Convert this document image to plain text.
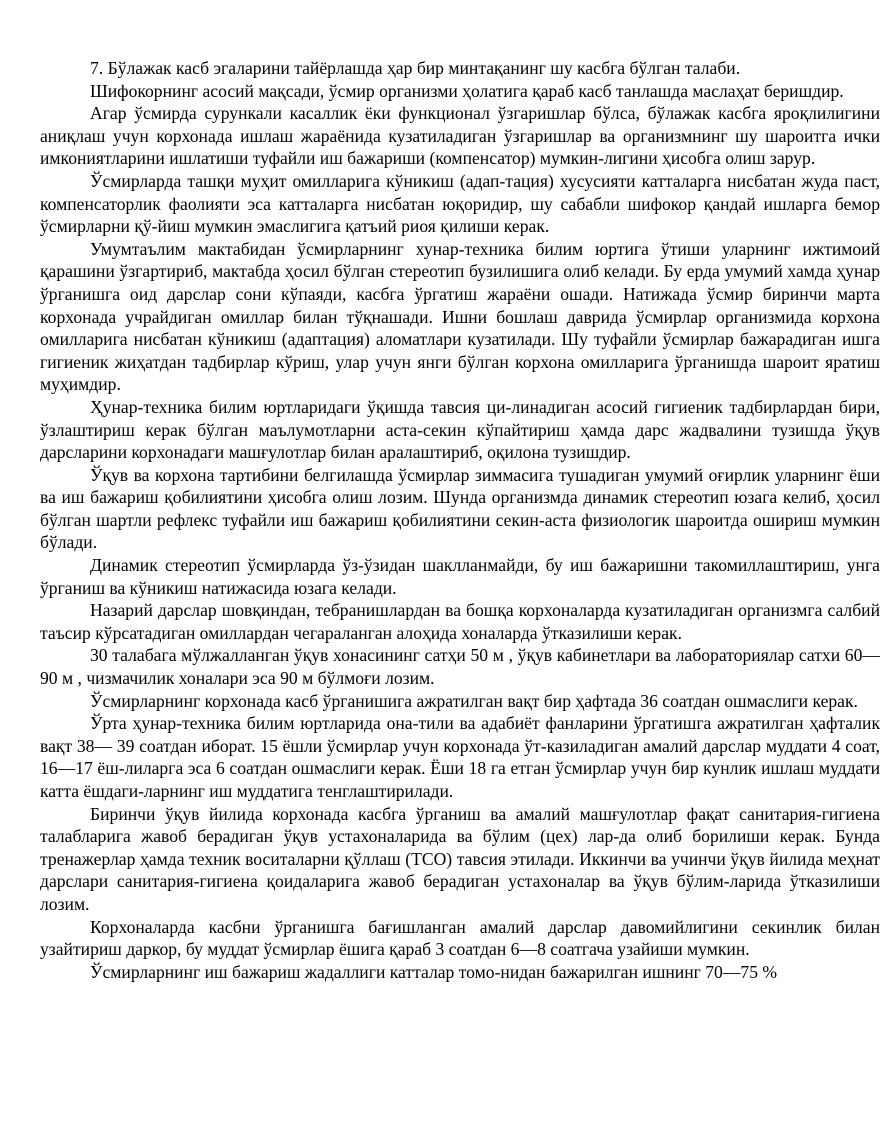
7. Бўлажак касб эгаларини тайёрлашда ҳар бир минтақанинг шу касбга бўлган талаби.

Шифокорнинг асосий мақсади, ўсмир организми ҳолатига қараб касб танлашда маслаҳат беришдир.

Агар ўсмирда сурункали касаллик ёки функционал ўзгаришлар бўлса, бўлажак касбга яроқлилигини аниқлаш учун корхонада ишлаш жараёнида кузатиладиган ўзгаришлар ва организмнинг шу шароитга ички имкониятларини ишлатиши туфайли иш бажариши (компенсатор) мумкин-лигини ҳисобга олиш зарур.

Ўсмирларда ташқи муҳит омилларига кўникиш (адап-тация) хусусияти катталарга нисбатан жуда паст, компенсаторлик фаолияти эса катталарга нисбатан юқоридир, шу сабабли шифокор қандай ишларга бемор ўсмирларни қў-йиш мумкин эмаслигига қатъий риоя қилиши керак.

Умумтаълим мактабидан ўсмирларнинг хунар-техника билим юртига ўтиши уларнинг ижтимоий қарашини ўзгартириб, мактабда ҳосил бўлган стереотип бузилишига олиб келади. Бу ерда умумий хамда ҳунар ўрганишга оид дарслар сони кўпаяди, касбга ўргатиш жараёни ошади. Натижада ўсмир биринчи марта корхонада учрайдиган омиллар билан тўқнашади. Ишни бошлаш даврида ўсмирлар организмида корхона омилларига нисбатан кўникиш (адаптация) аломатлари кузатилади. Шу туфайли ўсмирлар бажарадиган ишга гигиеник жиҳатдан тадбирлар кўриш, улар учун янги бўлган корхона омилларига ўрганишда шароит яратиш муҳимдир.

Ҳунар-техника билим юртларидаги ўқишда тавсия ци-линадиган асосий гигиеник тадбирлардан бири, ўзлаштириш керак бўлган маълумотларни аста-секин кўпайтириш ҳамда дарс жадвалини тузишда ўқув дарсларини корхонадаги машғулотлар билан аралаштириб, оқилона тузишдир.

Ўқув ва корхона тартибини белгилашда ўсмирлар зиммасига тушадиган умумий оғирлик уларнинг ёши ва иш бажариш қобилиятини ҳисобга олиш лозим. Шунда организмда динамик стереотип юзага келиб, ҳосил бўлган шартли рефлекс туфайли иш бажариш қобилиятини секин-аста физиологик шароитда ошириш мумкин бўлади.

Динамик стереотип ўсмирларда ўз-ўзидан шаклланмайди, бу иш бажаришни такомиллаштириш, унга ўрганиш ва кўникиш натижасида юзага келади.

Назарий дарслар шовқиндан, тебранишлардан ва бошқа корхоналарда кузатиладиган организмга салбий таъсир кўрсатадиган омиллардан чегараланган алоҳида хоналарда ўтказилиши керак.

30 талабага мўлжалланган ўқув хонасининг сатҳи 50 м , ўқув кабинетлари ва лабораториялар сатхи 60—90 м , чизмачилик хоналари эса 90 м бўлмоғи лозим.

Ўсмирларнинг корхонада касб ўрганишига ажратилган вақт бир ҳафтада 36 соатдан ошмаслиги керак.

Ўрта ҳунар-техника билим юртларида она-тили ва адабиёт фанларини ўргатишга ажратилган ҳафталик вақт 38— 39 соатдан иборат. 15 ёшли ўсмирлар учун корхонада ўт-казиладиган амалий дарслар муддати 4 соат, 16—17 ёш-лиларга эса 6 соатдан ошмаслиги керак. Ёши 18 га етган ўсмирлар учун бир кунлик ишлаш муддати катта ёшдаги-ларнинг иш муддатига тенглаштирилади.

Биринчи ўқув йилида корхонада касбга ўрганиш ва амалий машғулотлар фақат санитария-гигиена талабларига жавоб берадиган ўқув устахоналарида ва бўлим (цех) лар-да олиб борилиши керак. Бунда тренажерлар ҳамда техник воситаларни қўллаш (ТСО) тавсия этилади. Иккинчи ва учинчи ўқув йилида меҳнат дарслари санитария-гигиена қоидаларига жавоб берадиган устахоналар ва ўқув бўлим-ларида ўтказилиши лозим.

Корхоналарда касбни ўрганишга бағишланган амалий дарслар давомийлигини секинлик билан узайтириш даркор, бу муддат ўсмирлар ёшига қараб 3 соатдан 6—8 соатгача узайиши мумкин.

Ўсмирларнинг иш бажариш жадаллиги катталар томо-нидан бажарилган ишнинг 70—75 %
